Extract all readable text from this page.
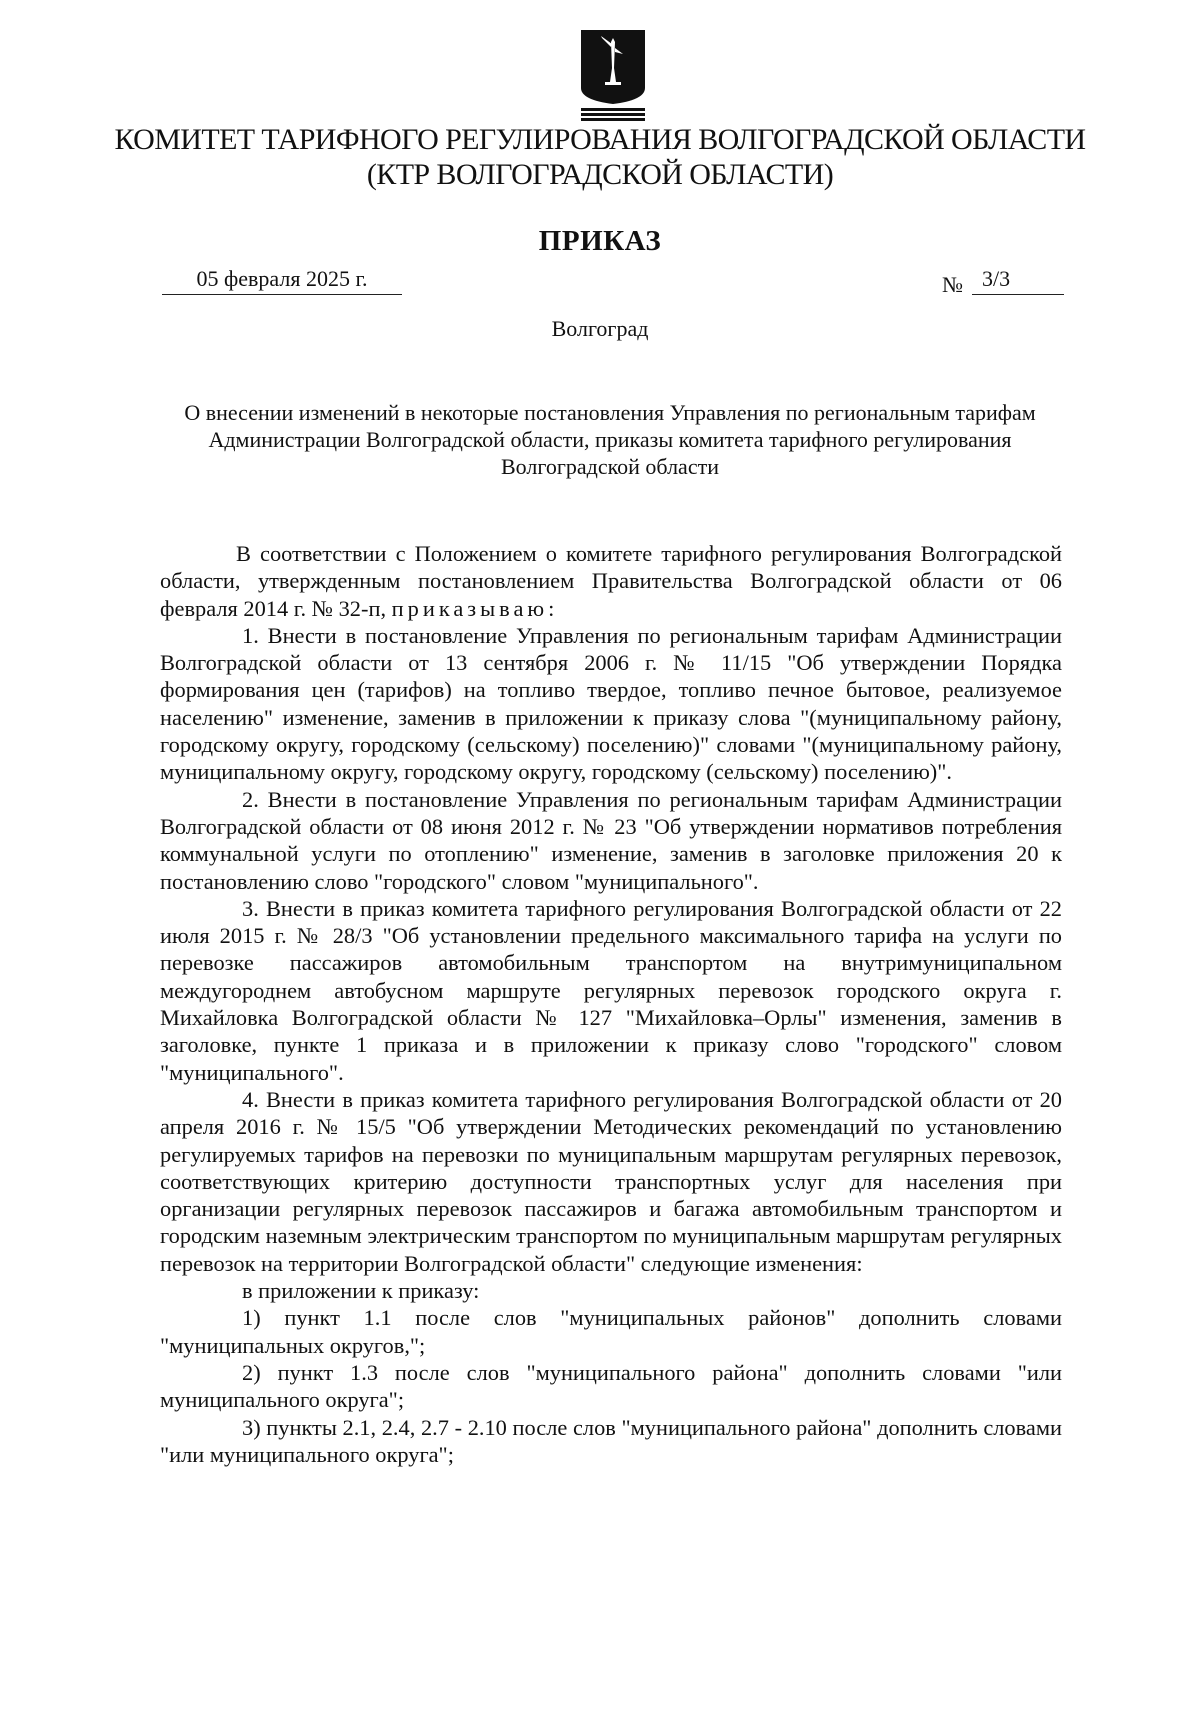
КОМИТЕТ ТАРИФНОГО РЕГУЛИРОВАНИЯ ВОЛГОГРАДСКОЙ ОБЛАСТИ
(КТР ВОЛГОГРАДСКОЙ ОБЛАСТИ)
ПРИКАЗ
05 февраля 2025 г.	№ 3/3
Волгоград
О внесении изменений в некоторые постановления Управления по региональным тарифам Администрации Волгоградской области, приказы комитета тарифного регулирования Волгоградской области

В соответствии с Положением о комитете тарифного регулирования Волгоградской области, утвержденным постановлением Правительства Волгоградской области от 06 февраля 2014 г. № 32-п, приказываю:

1. Внести в постановление Управления по региональным тарифам Администрации Волгоградской области от 13 сентября 2006 г. № 11/15 "Об утверждении Порядка формирования цен (тарифов) на топливо твердое, топливо печное бытовое, реализуемое населению" изменение, заменив в приложении к приказу слова "(муниципальному району, городскому округу, городскому (сельскому) поселению)" словами "(муниципальному району, муниципальному округу, городскому округу, городскому (сельскому) поселению)".

2. Внести в постановление Управления по региональным тарифам Администрации Волгоградской области от 08 июня 2012 г. № 23 "Об утверждении нормативов потребления коммунальной услуги по отоплению" изменение, заменив в заголовке приложения 20 к постановлению слово "городского" словом "муниципального".

3. Внести в приказ комитета тарифного регулирования Волгоградской области от 22 июля 2015 г. № 28/3 "Об установлении предельного максимального тарифа на услуги по перевозке пассажиров автомобильным транспортом на внутримуниципальном междугороднем автобусном маршруте регулярных перевозок городского округа г. Михайловка Волгоградской области № 127 "Михайловка–Орлы" изменения, заменив в заголовке, пункте 1 приказа и в приложении к приказу слово "городского" словом "муниципального".

4. Внести в приказ комитета тарифного регулирования Волгоградской области от 20 апреля 2016 г. № 15/5 "Об утверждении Методических рекомендаций по установлению регулируемых тарифов на перевозки по муниципальным маршрутам регулярных перевозок, соответствующих критерию доступности транспортных услуг для населения при организации регулярных перевозок пассажиров и багажа автомобильным транспортом и городским наземным электрическим транспортом по муниципальным маршрутам регулярных перевозок на территории Волгоградской области" следующие изменения:

в приложении к приказу:

1) пункт 1.1 после слов "муниципальных районов" дополнить словами "муниципальных округов,";

2) пункт 1.3 после слов "муниципального района" дополнить словами "или муниципального округа";

3) пункты 2.1, 2.4, 2.7 - 2.10 после слов "муниципального района" дополнить словами "или муниципального округа";
